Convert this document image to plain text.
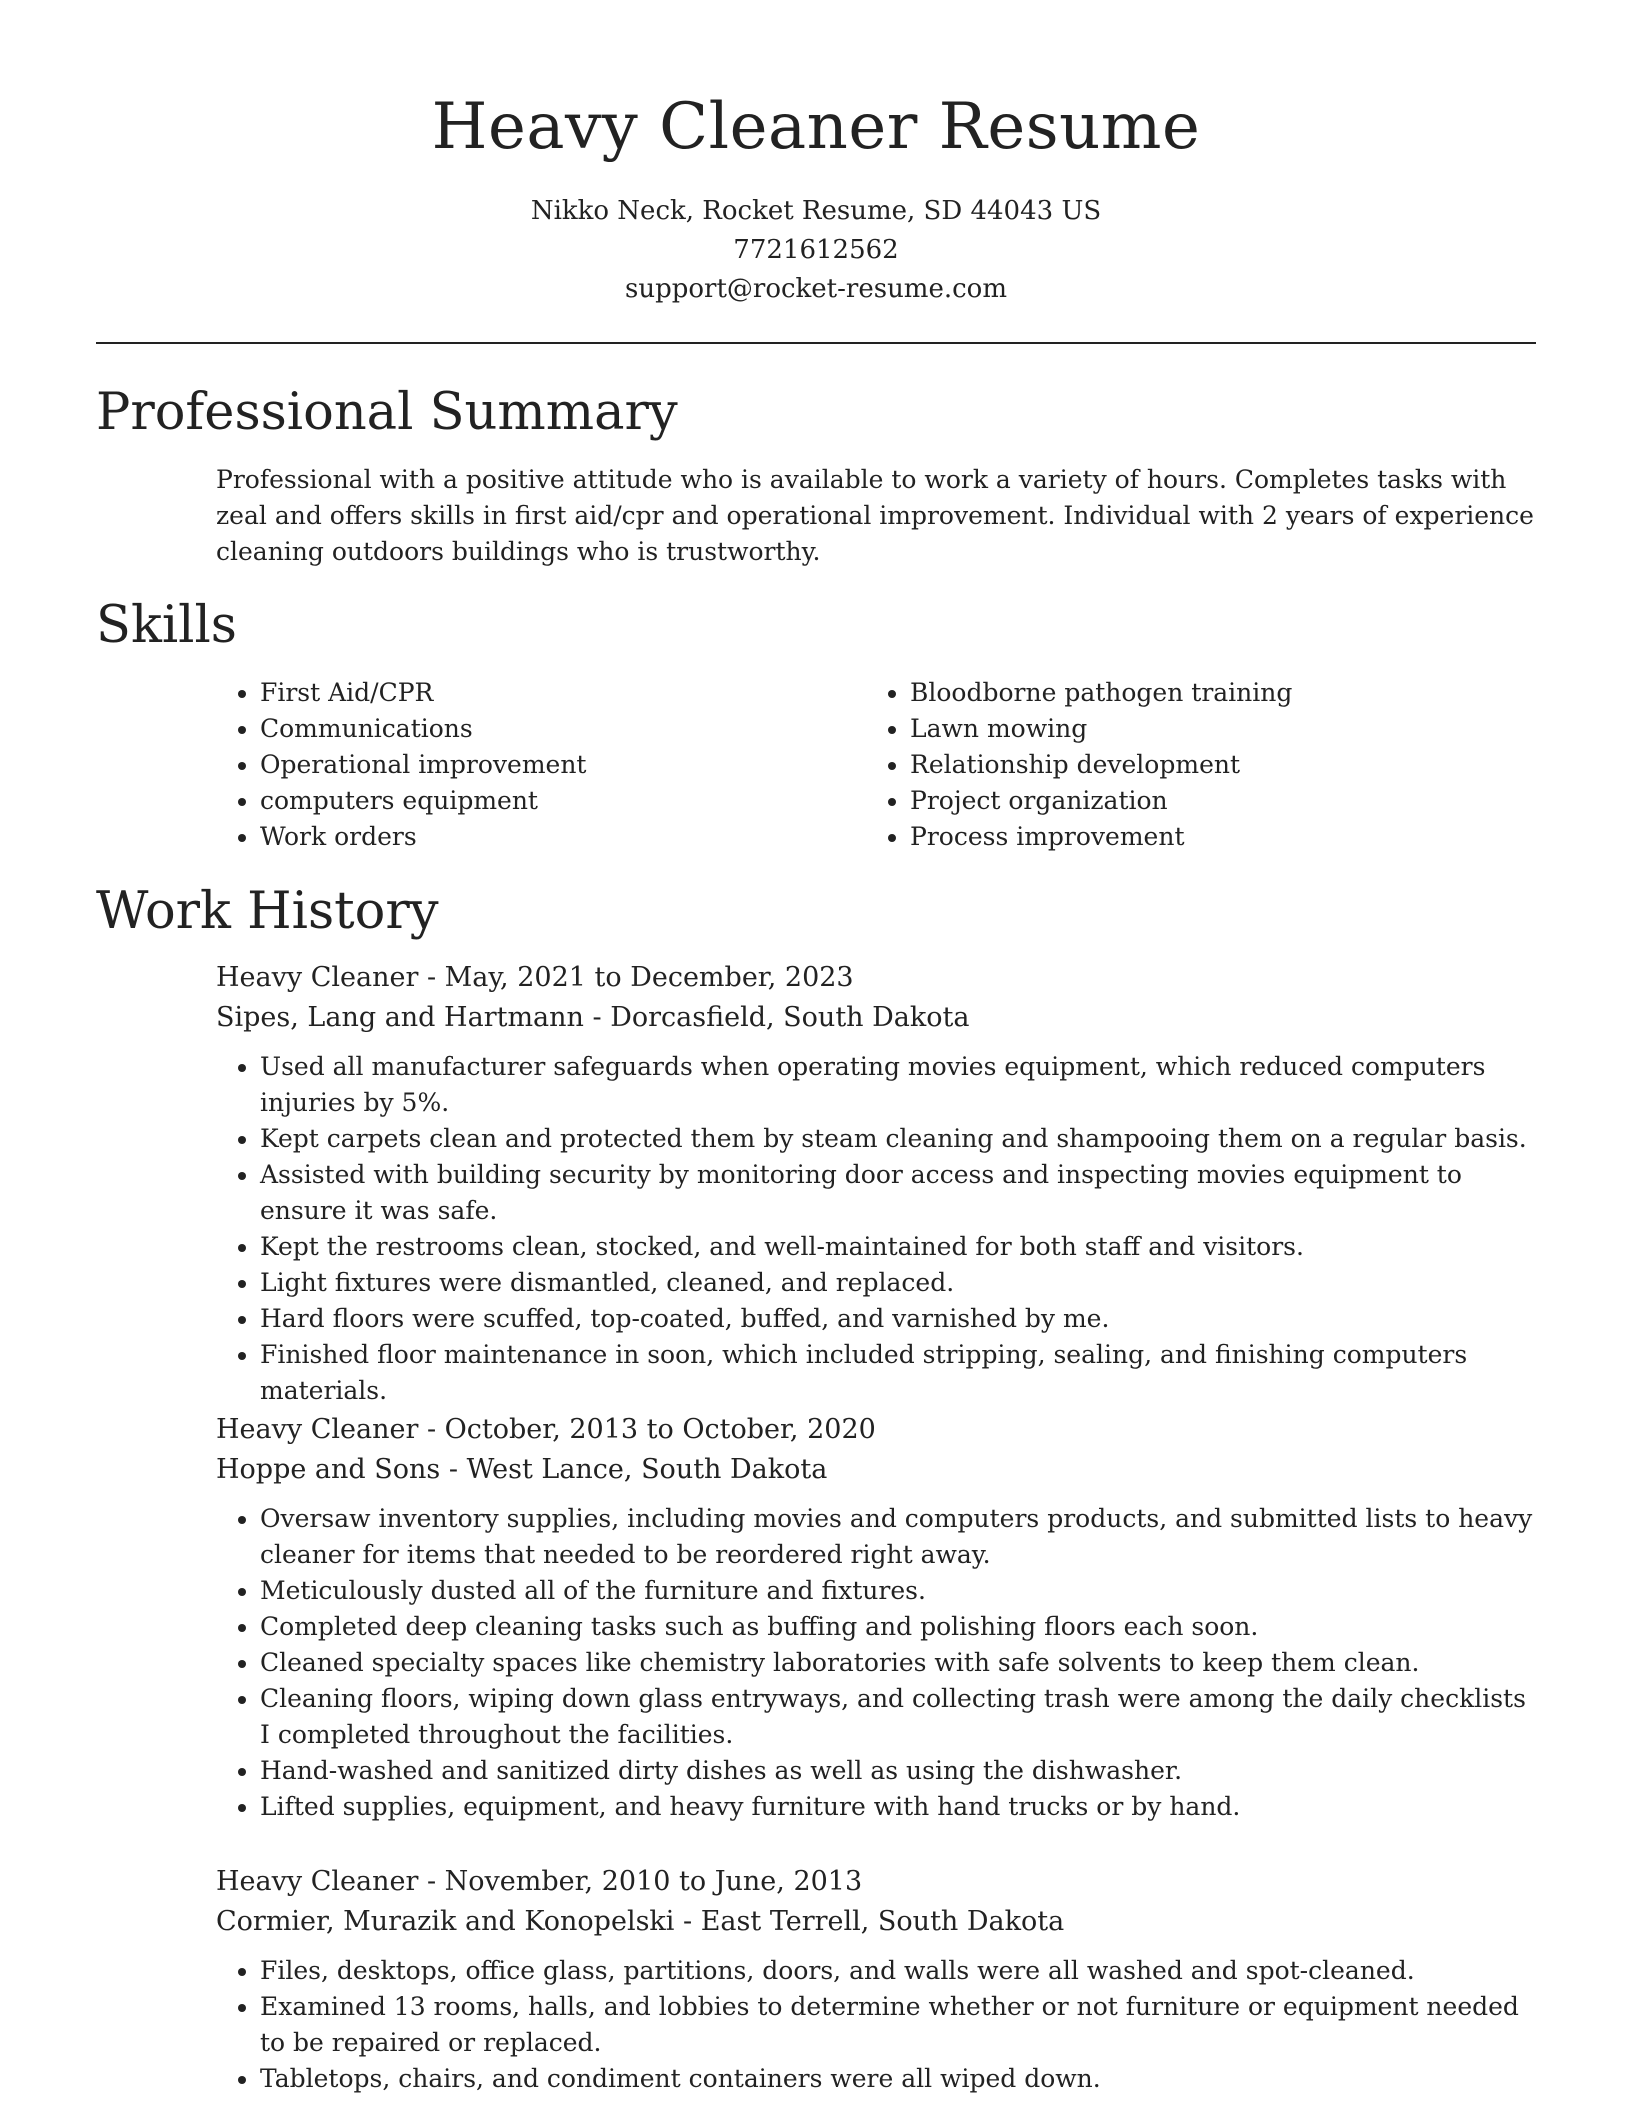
Heavy Cleaner Resume
Nikko Neck, Rocket Resume, SD 44043 US
7721612562
support@rocket-resume.com
Professional Summary

Professional with a positive attitude who is available to work a variety of hours. Completes tasks with zeal and offers skills in first aid/cpr and operational improvement. Individual with 2 years of experience cleaning outdoors buildings who is trustworthy.

Skills
• First Aid/CPR
• Communications
• Operational improvement
• computers equipment
• Work orders
• Bloodborne pathogen training
• Lawn mowing
• Relationship development
• Project organization
• Process improvement
Work History
Heavy Cleaner - May, 2021 to December, 2023
Sipes, Lang and Hartmann - Dorcasfield, South Dakota
• Used all manufacturer safeguards when operating movies equipment, which reduced computers injuries by 5%.
• Kept carpets clean and protected them by steam cleaning and shampooing them on a regular basis.
• Assisted with building security by monitoring door access and inspecting movies equipment to ensure it was safe.
• Kept the restrooms clean, stocked, and well-maintained for both staff and visitors.
• Light fixtures were dismantled, cleaned, and replaced.
• Hard floors were scuffed, top-coated, buffed, and varnished by me.
• Finished floor maintenance in soon, which included stripping, sealing, and finishing computers materials.
Heavy Cleaner - October, 2013 to October, 2020
Hoppe and Sons - West Lance, South Dakota
• Oversaw inventory supplies, including movies and computers products, and submitted lists to heavy cleaner for items that needed to be reordered right away.
• Meticulously dusted all of the furniture and fixtures.
• Completed deep cleaning tasks such as buffing and polishing floors each soon.
• Cleaned specialty spaces like chemistry laboratories with safe solvents to keep them clean.
• Cleaning floors, wiping down glass entryways, and collecting trash were among the daily checklists I completed throughout the facilities.
• Hand-washed and sanitized dirty dishes as well as using the dishwasher.
• Lifted supplies, equipment, and heavy furniture with hand trucks or by hand.
Heavy Cleaner - November, 2010 to June, 2013
Cormier, Murazik and Konopelski - East Terrell, South Dakota
• Files, desktops, office glass, partitions, doors, and walls were all washed and spot-cleaned.
• Examined 13 rooms, halls, and lobbies to determine whether or not furniture or equipment needed to be repaired or replaced.
• Tabletops, chairs, and condiment containers were all wiped down.
